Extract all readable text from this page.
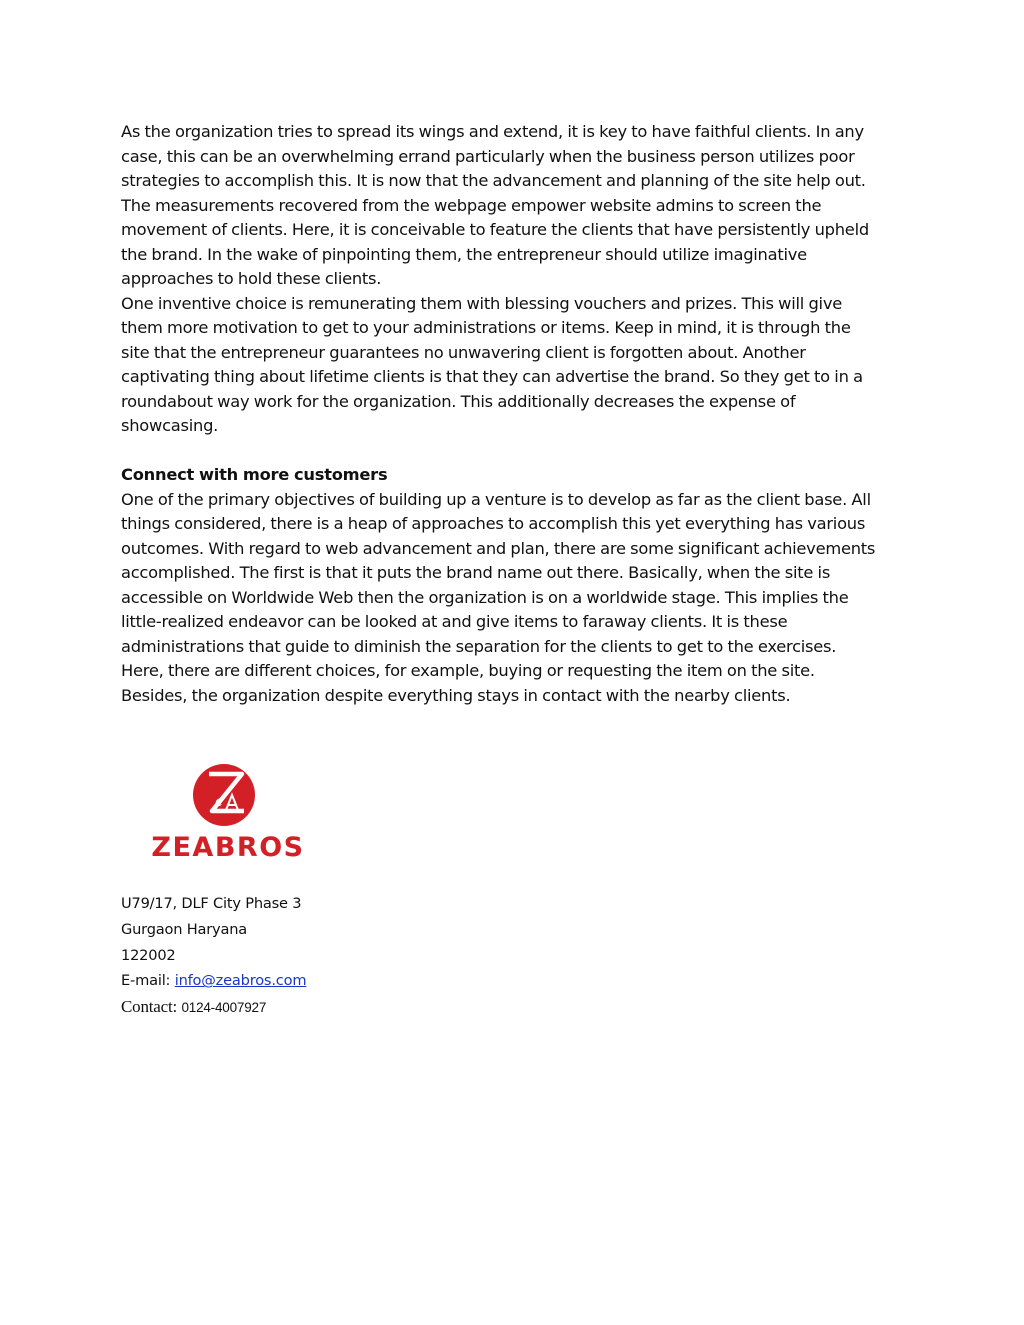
As the organization tries to spread its wings and extend, it is key to have faithful clients. In any
case, this can be an overwhelming errand particularly when the business person utilizes poor
strategies to accomplish this. It is now that the advancement and planning of the site help out.
The measurements recovered from the webpage empower website admins to screen the
movement of clients. Here, it is conceivable to feature the clients that have persistently upheld
the brand. In the wake of pinpointing them, the entrepreneur should utilize imaginative
approaches to hold these clients.

One inventive choice is remunerating them with blessing vouchers and prizes. This will give
them more motivation to get to your administrations or items. Keep in mind, it is through the
site that the entrepreneur guarantees no unwavering client is forgotten about. Another
captivating thing about lifetime clients is that they can advertise the brand. So they get to in a
roundabout way work for the organization. This additionally decreases the expense of
showcasing.

Connect with more customers

One of the primary objectives of building up a venture is to develop as far as the client base. All
things considered, there is a heap of approaches to accomplish this yet everything has various
outcomes. With regard to web advancement and plan, there are some significant achievements
accomplished. The first is that it puts the brand name out there. Basically, when the site is
accessible on Worldwide Web then the organization is on a worldwide stage. This implies the
little-realized endeavor can be looked at and give items to faraway clients. It is these
administrations that guide to diminish the separation for the clients to get to the exercises.
Here, there are different choices, for example, buying or requesting the item on the site.
Besides, the organization despite everything stays in contact with the nearby clients.

e
ZEABROS
U79/17, DLF City Phase 3
Gurgaon Haryana
122002
E-mail: info@zeabros.com
Contact: 0124-4007927
